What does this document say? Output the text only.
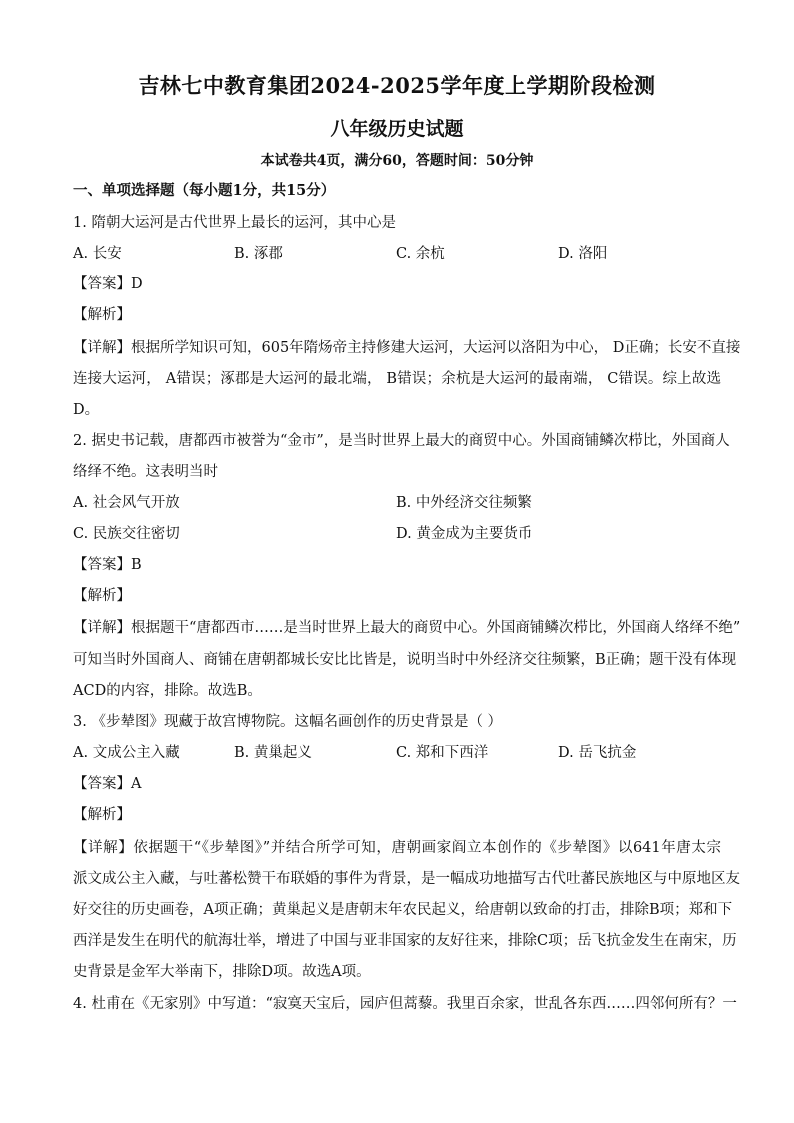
吉林七中教育集团2024-2025学年度上学期阶段检测
八年级历史试题
本试卷共4页，满分60，答题时间：50分钟
一、单项选择题（每小题1分，共15分）
1. 隋朝大运河是古代世界上最长的运河，其中心是
A. 长安	B. 涿郡	C. 余杭	D. 洛阳
【答案】D
【解析】
【详解】根据所学知识可知，605年隋炀帝主持修建大运河，大运河以洛阳为中心， D正确；长安不直接
连接大运河， A错误；涿郡是大运河的最北端， B错误；余杭是大运河的最南端， C错误。综上故选
D。
2. 据史书记载，唐都西市被誉为“金市”，是当时世界上最大的商贸中心。外国商铺鳞次栉比，外国商人
络绎不绝。这表明当时
A. 社会风气开放	B. 中外经济交往频繁
C. 民族交往密切	D. 黄金成为主要货币
【答案】B
【解析】
【详解】根据题干“唐都西市……是当时世界上最大的商贸中心。外国商铺鳞次栉比，外国商人络绎不绝”
可知当时外国商人、商铺在唐朝都城长安比比皆是，说明当时中外经济交往频繁，B正确；题干没有体现
ACD的内容，排除。故选B。
3. 《步辇图》现藏于故宫博物院。这幅名画创作的历史背景是（ ）
A. 文成公主入藏	B. 黄巢起义	C. 郑和下西洋	D. 岳飞抗金
【答案】A
【解析】
【详解】依据题干“《步辇图》”并结合所学可知，唐朝画家阎立本创作的《步辇图》以641年唐太宗
派文成公主入藏，与吐蕃松赞干布联婚的事件为背景，是一幅成功地描写古代吐蕃民族地区与中原地区友
好交往的历史画卷，A项正确；黄巢起义是唐朝末年农民起义，给唐朝以致命的打击，排除B项；郑和下
西洋是发生在明代的航海壮举，增进了中国与亚非国家的友好往来，排除C项；岳飞抗金发生在南宋，历
史背景是金军大举南下，排除D项。故选A项。
4. 杜甫在《无家别》中写道：“寂寞天宝后，园庐但蒿藜。我里百余家，世乱各东西……四邻何所有？一
